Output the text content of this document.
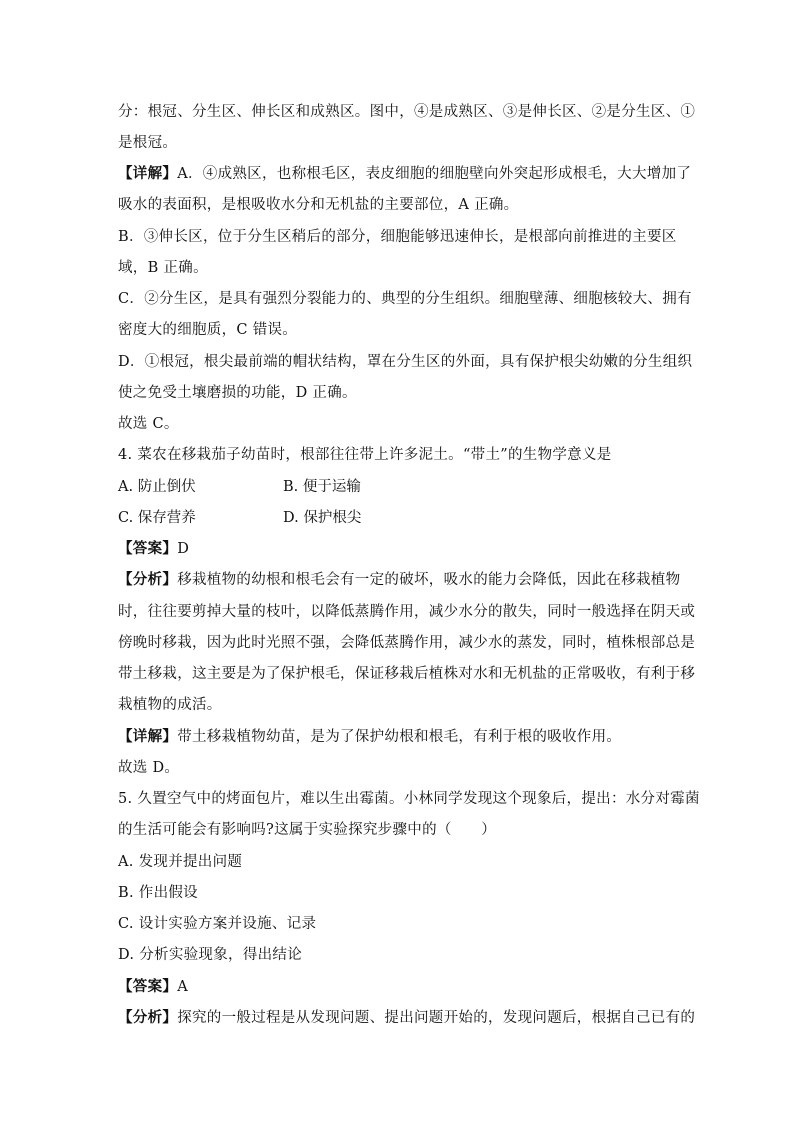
分：根冠、分生区、伸长区和成熟区。图中，④是成熟区、③是伸长区、②是分生区、①
是根冠。
【详解】A．④成熟区，也称根毛区，表皮细胞的细胞壁向外突起形成根毛，大大增加了
吸水的表面积，是根吸收水分和无机盐的主要部位，A 正确。
B．③伸长区，位于分生区稍后的部分，细胞能够迅速伸长，是根部向前推进的主要区
域，B 正确。
C．②分生区，是具有强烈分裂能力的、典型的分生组织。细胞壁薄、细胞核较大、拥有
密度大的细胞质，C 错误。
D．①根冠，根尖最前端的帽状结构，罩在分生区的外面，具有保护根尖幼嫩的分生组织
使之免受土壤磨损的功能，D 正确。
故选 C。
4. 菜农在移栽茄子幼苗时，根部往往带上许多泥土。“带土”的生物学意义是
A. 防止倒伏	B. 便于运输
C. 保存营养	D. 保护根尖
【答案】D
【分析】移栽植物的幼根和根毛会有一定的破坏，吸水的能力会降低，因此在移栽植物
时，往往要剪掉大量的枝叶，以降低蒸腾作用，减少水分的散失，同时一般选择在阴天或
傍晚时移栽，因为此时光照不强，会降低蒸腾作用，减少水的蒸发，同时，植株根部总是
带土移栽，这主要是为了保护根毛，保证移栽后植株对水和无机盐的正常吸收，有利于移
栽植物的成活。
【详解】带土移栽植物幼苗，是为了保护幼根和根毛，有利于根的吸收作用。
故选 D。
5. 久置空气中的烤面包片，难以生出霉菌。小林同学发现这个现象后，提出：水分对霉菌
的生活可能会有影响吗?这属于实验探究步骤中的（　　）
A. 发现并提出问题
B. 作出假设
C. 设计实验方案并设施、记录
D. 分析实验现象，得出结论
【答案】A
【分析】探究的一般过程是从发现问题、提出问题开始的，发现问题后，根据自己已有的
